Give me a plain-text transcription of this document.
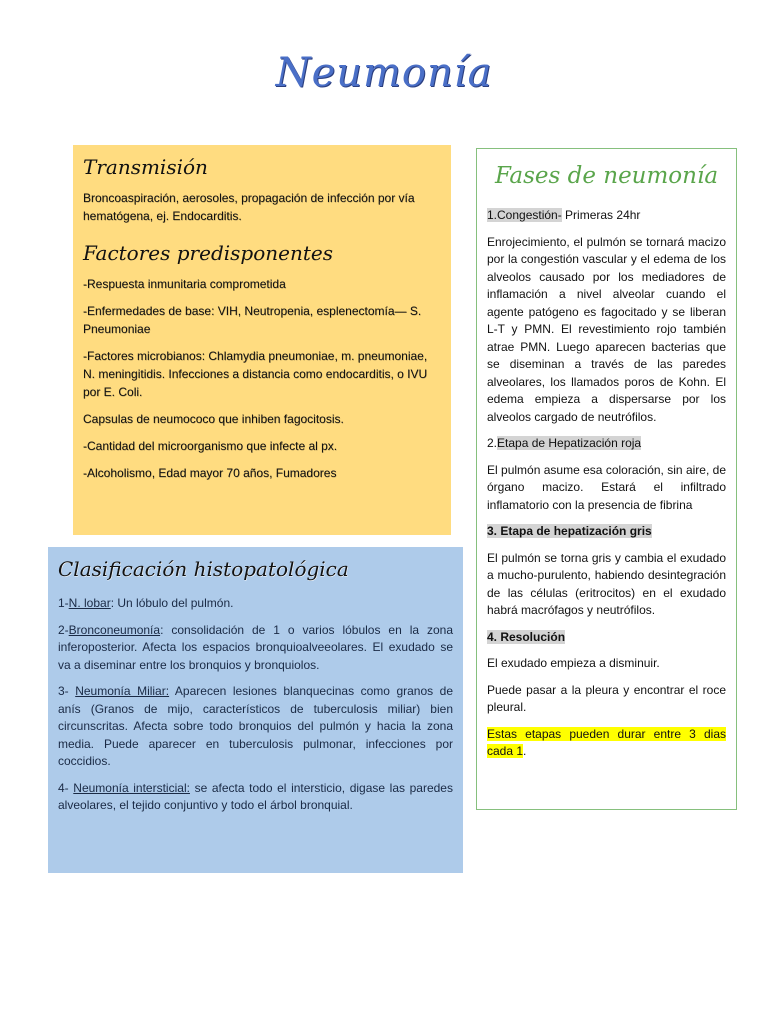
Neumonía
Transmisión

Broncoaspiración, aerosoles, propagación de infección por vía hematógena, ej. Endocarditis.

Factores predisponentes

-Respuesta inmunitaria comprometida

-Enfermedades de base: VIH, Neutropenia, esplenectomía— S. Pneumoniae

-Factores microbianos: Chlamydia pneumoniae, m. pneumoniae,

N. meningitidis. Infecciones a distancia como endocarditis, o IVU por E. Coli.

Capsulas de neumococo que inhiben fagocitosis.

-Cantidad del microorganismo que infecte al px.

-Alcoholismo, Edad mayor 70 años, Fumadores

Clasificación histopatológica

1-N. lobar: Un lóbulo del pulmón.

2-Bronconeumonía: consolidación de 1 o varios lóbulos en la zona inferoposterior. Afecta los espacios bronquioalveeolares. El exudado se va a diseminar entre los bronquios y bronquiolos.

3- Neumonía Miliar: Aparecen lesiones blanquecinas como granos de anís (Granos de mijo, característicos de tuberculosis miliar) bien circunscritas. Afecta sobre todo bronquios del pulmón y hacia la zona media. Puede aparecer en tuberculosis pulmonar, infecciones por coccidios.

4- Neumonía intersticial: se afecta todo el intersticio, digase las paredes alveolares, el tejido conjuntivo y todo el árbol bronquial.

Fases de neumonía

1.Congestión- Primeras 24hr

Enrojecimiento, el pulmón se tornará macizo por la congestión vascular y el edema de los alveolos causado por los mediadores de inflamación a nivel alveolar cuando el agente patógeno es fagocitado y se liberan L-T y PMN. El revestimiento rojo también atrae PMN. Luego aparecen bacterias que se diseminan a través de las paredes alveolares, los llamados poros de Kohn. El edema empieza a dispersarse por los alveolos cargado de neutrófilos.

2.Etapa de Hepatización roja

El pulmón asume esa coloración, sin aire, de órgano macizo. Estará el infiltrado inflamatorio con la presencia de fibrina

3. Etapa de hepatización gris

El pulmón se torna gris y cambia el exudado a mucho-purulento, habiendo desintegración de las células (eritrocitos) en el exudado habrá macrófagos y neutrófilos.

4. Resolución

El exudado empieza a disminuir.

Puede pasar a la pleura y encontrar el roce pleural.

Estas etapas pueden durar entre 3 dias cada 1.
